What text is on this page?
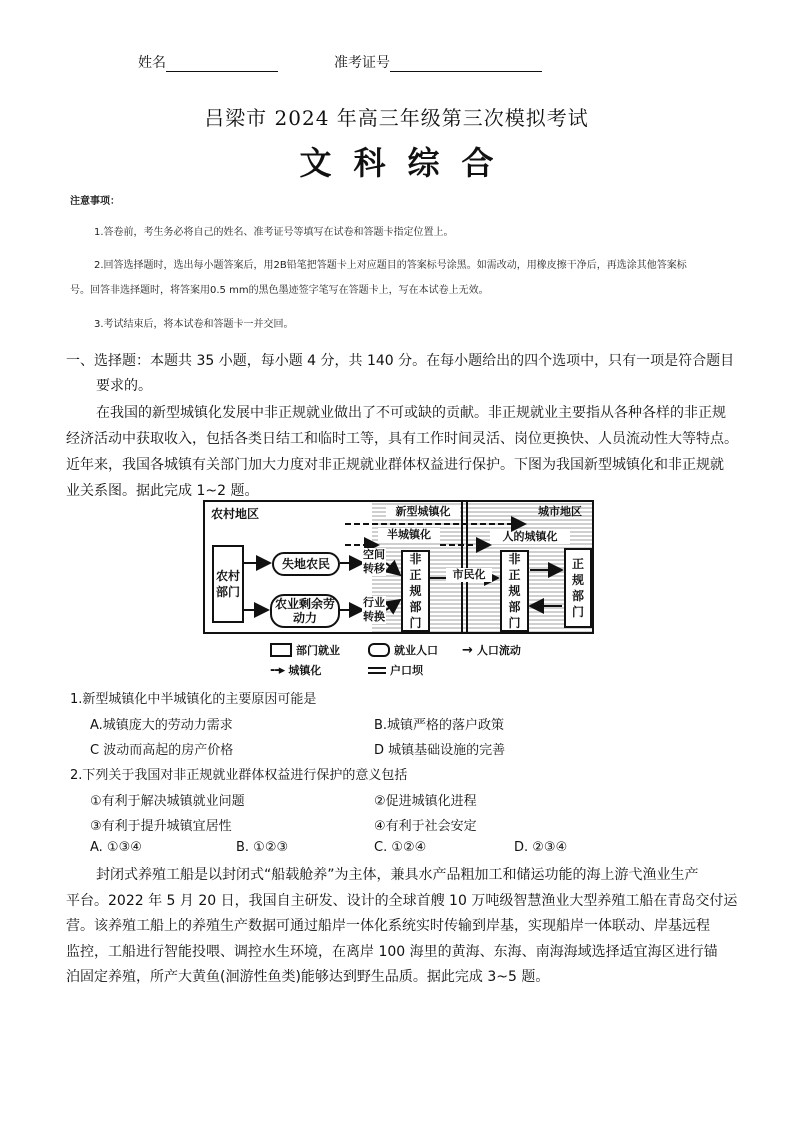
姓名	准考证号
吕梁市 2024 年高三年级第三次模拟考试
文科综合
注意事项：
1.答卷前，考生务必将自己的姓名、准考证号等填写在试卷和答题卡指定位置上。
2.回答选择题时，选出每小题答案后，用2B铅笔把答题卡上对应题目的答案标号涂黑。如需改动，用橡皮擦干净后，再选涂其他答案标
号。回答非选择题时，将答案用0.5 mm的黑色墨迹签字笔写在答题卡上，写在本试卷上无效。
3.考试结束后，将本试卷和答题卡一并交回。
一、选择题：本题共 35 小题，每小题 4 分，共 140 分。在每小题给出的四个选项中，只有一项是符合题目
要求的。
在我国的新型城镇化发展中非正规就业做出了不可或缺的贡献。非正规就业主要指从各种各样的非正规
经济活动中获取收入，包括各类日结工和临时工等，具有工作时间灵活、岗位更换快、人员流动性大等特点。
近年来，我国各城镇有关部门加大力度对非正规就业群体权益进行保护。下图为我国新型城镇化和非正规就
业关系图。据此完成 1~2 题。
农村地区	城市地区
新型城镇化
半城镇化	人的城镇化
农村部门
失地农民
农业剩余劳动力
空间转移
行业转换
非正规部门
市民化
非正规部门
正规部门
部门就业	就业人口 → 人口流动
--▸ 城镇化	户口坝
1.新型城镇化中半城镇化的主要原因可能是
A.城镇庞大的劳动力需求	B.城镇严格的落户政策
C 波动而高起的房产价格	D 城镇基础设施的完善
2.下列关于我国对非正规就业群体权益进行保护的意义包括
①有利于解决城镇就业问题	②促进城镇化进程
③有利于提升城镇宜居性	④有利于社会安定
A. ①③④	B. ①②③	C. ①②④	D. ②③④
封闭式养殖工船是以封闭式“船载舱养”为主体，兼具水产品粗加工和储运功能的海上游弋渔业生产
平台。2022 年 5 月 20 日，我国自主研发、设计的全球首艘 10 万吨级智慧渔业大型养殖工船在青岛交付运
营。该养殖工船上的养殖生产数据可通过船岸一体化系统实时传输到岸基，实现船岸一体联动、岸基远程
监控，工船进行智能投喂、调控水生环境，在离岸 100 海里的黄海、东海、南海海域选择适宜海区进行锚
泊固定养殖，所产大黄鱼(洄游性鱼类)能够达到野生品质。据此完成 3~5 题。
